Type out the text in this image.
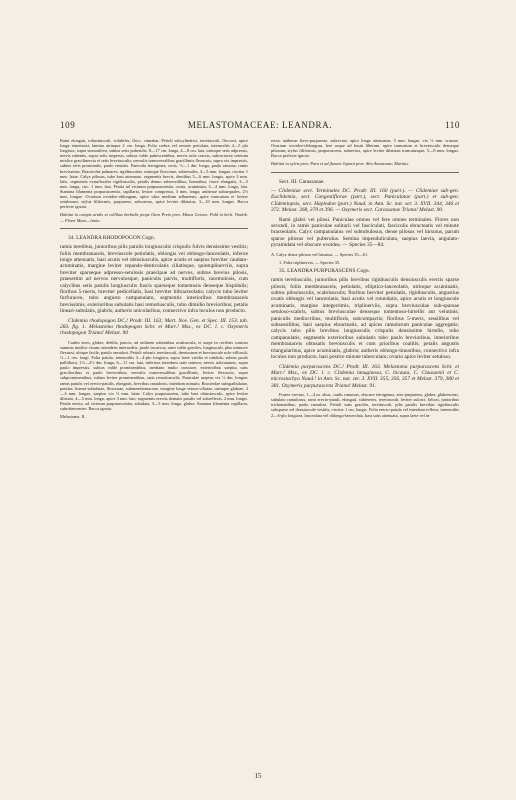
109	MELASTOMACEAE: LEANDRA.	110

Rami elongati, robustiusculi, volubiles, flocc. cinnabar. Petioli subcylindrici, teretiusculi, floccosi, apice longe tomentosi; lamina utrinque 2 cm. longa. Folia crebra vel remote petiolata, internodiis 4—5 plo longiora, supra stomatifera, subtus setis puberulis, 8—17 cm. longa, 4—8 cm. lata, utrinque setis adpressis, nervis rubentis, supra setis inspersis, subtus valde pubescentibus, nervis setis crassis, subcoriacea ceterum modice gracilinervia et setis breviusculis; nervulis transversalibus gracillimis flexuosis, supra vix impressis, subtus setis prominulis, paulo remotis. Panicula ferruginea, recta, ⅓—1 dm. longa, paulo ramosa; ramis brevissimis. Bracteolae palmares, rigidiusculae, utrinque floccosae, subsessiles, 4—5 mm. longae, circiter 1 mm. latae. Calyx pilosus, tubo basi attenuato, segmentis brevis, dentibus 5—6 mm. longis, apice 3 mm. latis, segmentis extraflorales rigidiusculis, petalis denuo subsessilibus, linearibus, fauce elongatis, 3—5 mm. longa, circ. 1 mm. lata. Petala ad vicinum purpurascentia, ovata, acuminata, 3—4 mm. longa, lata. Stamina filamenta purpurascentia, capillaria, leviter compressa, 3 mm. longa; antherae subaequales, 2½ mm. longae. Ovarium ovoideo-oblongum, apice ultra medium adhaerens; apice truncatum et leviter setulosum; stylus filiformis, purpureus, subcurvus, apice leviter dilatatus, 3—10 mm. longus. Bacca perfecte ignota.

Habitat in campis aridis et collibus herbidis prope Ouro Preto prov. Minas Geraes: Pohl in herb. Vindob. — Floret Maio—Junio.

34. LEANDRA RHODOPOGON Cogn.

ramis teretibus, junioribus pilis patulis longiusculis crispulis fulvis densissime vestitis; foliis membranaceis, breviuscule petiolatis, oblongis vel oblongo-lanceolatis, inferne longe attenuatis, basi acutis vel obtusiusculis, apice acutis et saepius breviter caudato-acuminatis, margine leviter repando-denticulatis ciliatisque, quintuplinerviis, supra breviter sparseque adpresso-setulosis praecipue ad nervos, subtus brevius pilosis, praesertim ad nervos nervulosque; paniculis parvis, multifloris, racemulosis, cum calycibus setis patulis longiusculis fuscis sparseque tomentosis denseque hispidulis; floribus 5-meris, breviter pedicellatis, basi breviter bibracteolatis; calycis tubo leviter furfuraceo, tubo angusto campanulato, segmentis interioribus membranaceis brevissimis, exterioribus subulatis basi remotiusculis, tubo dimidio brevioribus; petalis lineari-subulatis, glabris; antheris unicolaribus, connectivo infra loculos non producto.

Clidemia rhodopogon DC.! Prodr. III. 163; Mart. Nov. Gen. et Spec. III. 153. tab. 283. fig. 1. Melastoma rhodopogon Schr. et Mart.! Mss., ex DC. l. c. Oxymeris rhodopogon Triana! Melast. 90

Caules teres, glaber, debilis, paucis, ad ordinem rubentibus acutiuscula, et saepe in cerebris conicus summis modice visum ostendens internodiis, paulo incurvus; rami valde graciles, longiusculi, plus minusve flexuosi, ubique facile, patulo ramulosi. Petioli robusti, teretiusculi, densissime et breviuscule rufo-villosuli, ½—1 cm. longi. Folia patula, internodiis 3—4-plo longiora, supra laete viridia et nitidula, subtus paulo pallidiora, 1½—2½ dm. longa, 6—11 cm. lata, inferiora interdum satis minora; nervis subcutaneis, supra paulo impressis, subtus valde prominentibus, mediano multo crassiore, exterioribus saepius satis gracilioribus et paulo brevioribus; nervulis transversalibus gracillimis, leviter flexuosis, supra subprominentibus, subtus leviter prominentibus, satis remotiusculis. Paniculae saepius vix ⅓ dm. longae; ramis patulis vel erecto-patulis, elongatis, brevibus ramulosis, interdum minutis; Bracteolae subspathulatae, patulae, lineari-subulatae, flexuosae, submembranaceae, margine longe setoso-ciliatae, utrinque glabrae, 2—4 mm. longae, saepius vix ⅓ mm. latae. Calyx purpurascens, tubo basi obtusiusculo, apice leviter dilatato, 4—5 mm. longo, apice 3 mm. lato; segmentis erectis dentatis patulis vel subreflexis, 2 mm. longis. Petala erecta, ad vicinum purpurascentia, subulata, 3—5 mm. longa, glabra. Stamina filamenta capillaria, subrubescentes. Bacca ignota.

Melastoma. II.

recta; antherae flavo-purpureae, subrectae, apice longe attenuatae, 5 mm. longae, vix ½ mm. crassae. Ovarium ovoideo-oblongum, fere usque ad basin liberum, apice truncatum et breviusculo denseque pilosum; stylus filiformis, purpurascens, subrectus, apice leviter dilatatus truncatusque, 5—8 mm. longus. Bacca perfecte ignota.

Habitat in sylvis prov. Para et ad flumen Japurá prov. Alto Amazonas: Martius.

Sect. III. Carassanae.

— Clidemiae sect. Terminales DC. Prodr. III. 160 (part.). — Clidemiae sub-gen. Euclidemia, sect. Congestiflorae (part.), sect. Paniculatae (part.) et sub-gen. Clidemiopsis, sect. Haplodon (part.) Naud. in Ann. Sc. nat. ser. 3. XVII. 344, 346 et 372. Melast. 368, 370 et 396. — Oxymeris sect. Carassanae Triana! Melast. 90.

Rami glabri vel pilosi. Paniculae omnes vel fere omnes terminales. Flores non secundi, in ramis paniculae solitarii vel fasciculati, fasciculis ebracteatis vel minute bracteolatis. Calyx campanulatus vel subtubulosus, dense pilosus vel hirsutus, parum sparse pilosus vel puberulus. Semina impenduliculata, saepius laevia, angulato-pyramidata vel obscure ovoidea. — Species 35—84.

A. Calyx dense pilosus vel hirsutus. — Species 35—61.

1. Folia triplinervia. — Species 35.

35. LEANDRA PURPURASCENS Cogn.

ramis teretiusculis, junioribus pilis brevibus rigidiusculis densiusculis erectis sparse pilosis; foliis membranaceis, petiolatis, elliptico-lanceolatis, utrinque acuminatis, subtus pilosiusculis, scabriusculis; floribus breviter petiolatis, rigidiusculis, angustius ovatis oblongis vel lanceolatis, basi acutis vel rotundatis, apice acutis et longiuscule acuminatis, margine integerrimis, triplinerviis, supra breviusculae sub-sparsae setuloso-scabris, subtus breviusculae denseque tomentoso-hirtellis aut velutinis; paniculis mediocribus, multifloris, subcompactis; floribus 5-meris, sessilibus vel subsessilibus, basi saepius ebracteatis, ad apices ramulorum paniculae aggregatis; calycis tubo pilis brevibus longiusculis crispulis densissime hirtello, tubo campanulatis, segmentis exterioribus subulatis tubo paulo brevioribus, interioribus membranaceis obtusatis breviusculis et cum prioribus coalitis; petalis angustis triangularibus, apice acuminatis, glabris; antheris oblongo-linearibus, connectivo infra loculos non producto, basi postice minute tuberculato; ovario apice leviter setuloso.

Clidemia purpurascens DC.! Prodr. III. 163. Melastoma purpurascens Schr. et Mart.! Mss., ex DC. l. c. Clidemia lanuginosa, C. bicauta, C. Claussenii et C. microstachya Naud.! in Ann. Sc. nat. ser. 3. XVII. 355, 356, 357 et Melast. 379, 380 et 381. Oxymeris purpurascens Triana! Melast. 91.

Frutex erectus, 1—4 m. altus, caulis ramosus, obscure tetragonus, atro-purpureus, glaber, glabrescens, subulato ramulosus; rami erecto-patuli, elongati, subteretes, teretiusculi, leviter sulcati; foliosi, junioribus trichomatibus, paulo ramulosi. Petioli satis graciles, teretiusculi, pilis patulis brevibus rigidiusculis subsparse vel densiuscule vestitis, circiter 1 cm. longis. Folia erecto-patula vel interdum reflexa, internodiis 2—6-plo longiora, lanceolata vel oblongo-lanceolata, basi satis attenuata, supra laete vel in-

15
